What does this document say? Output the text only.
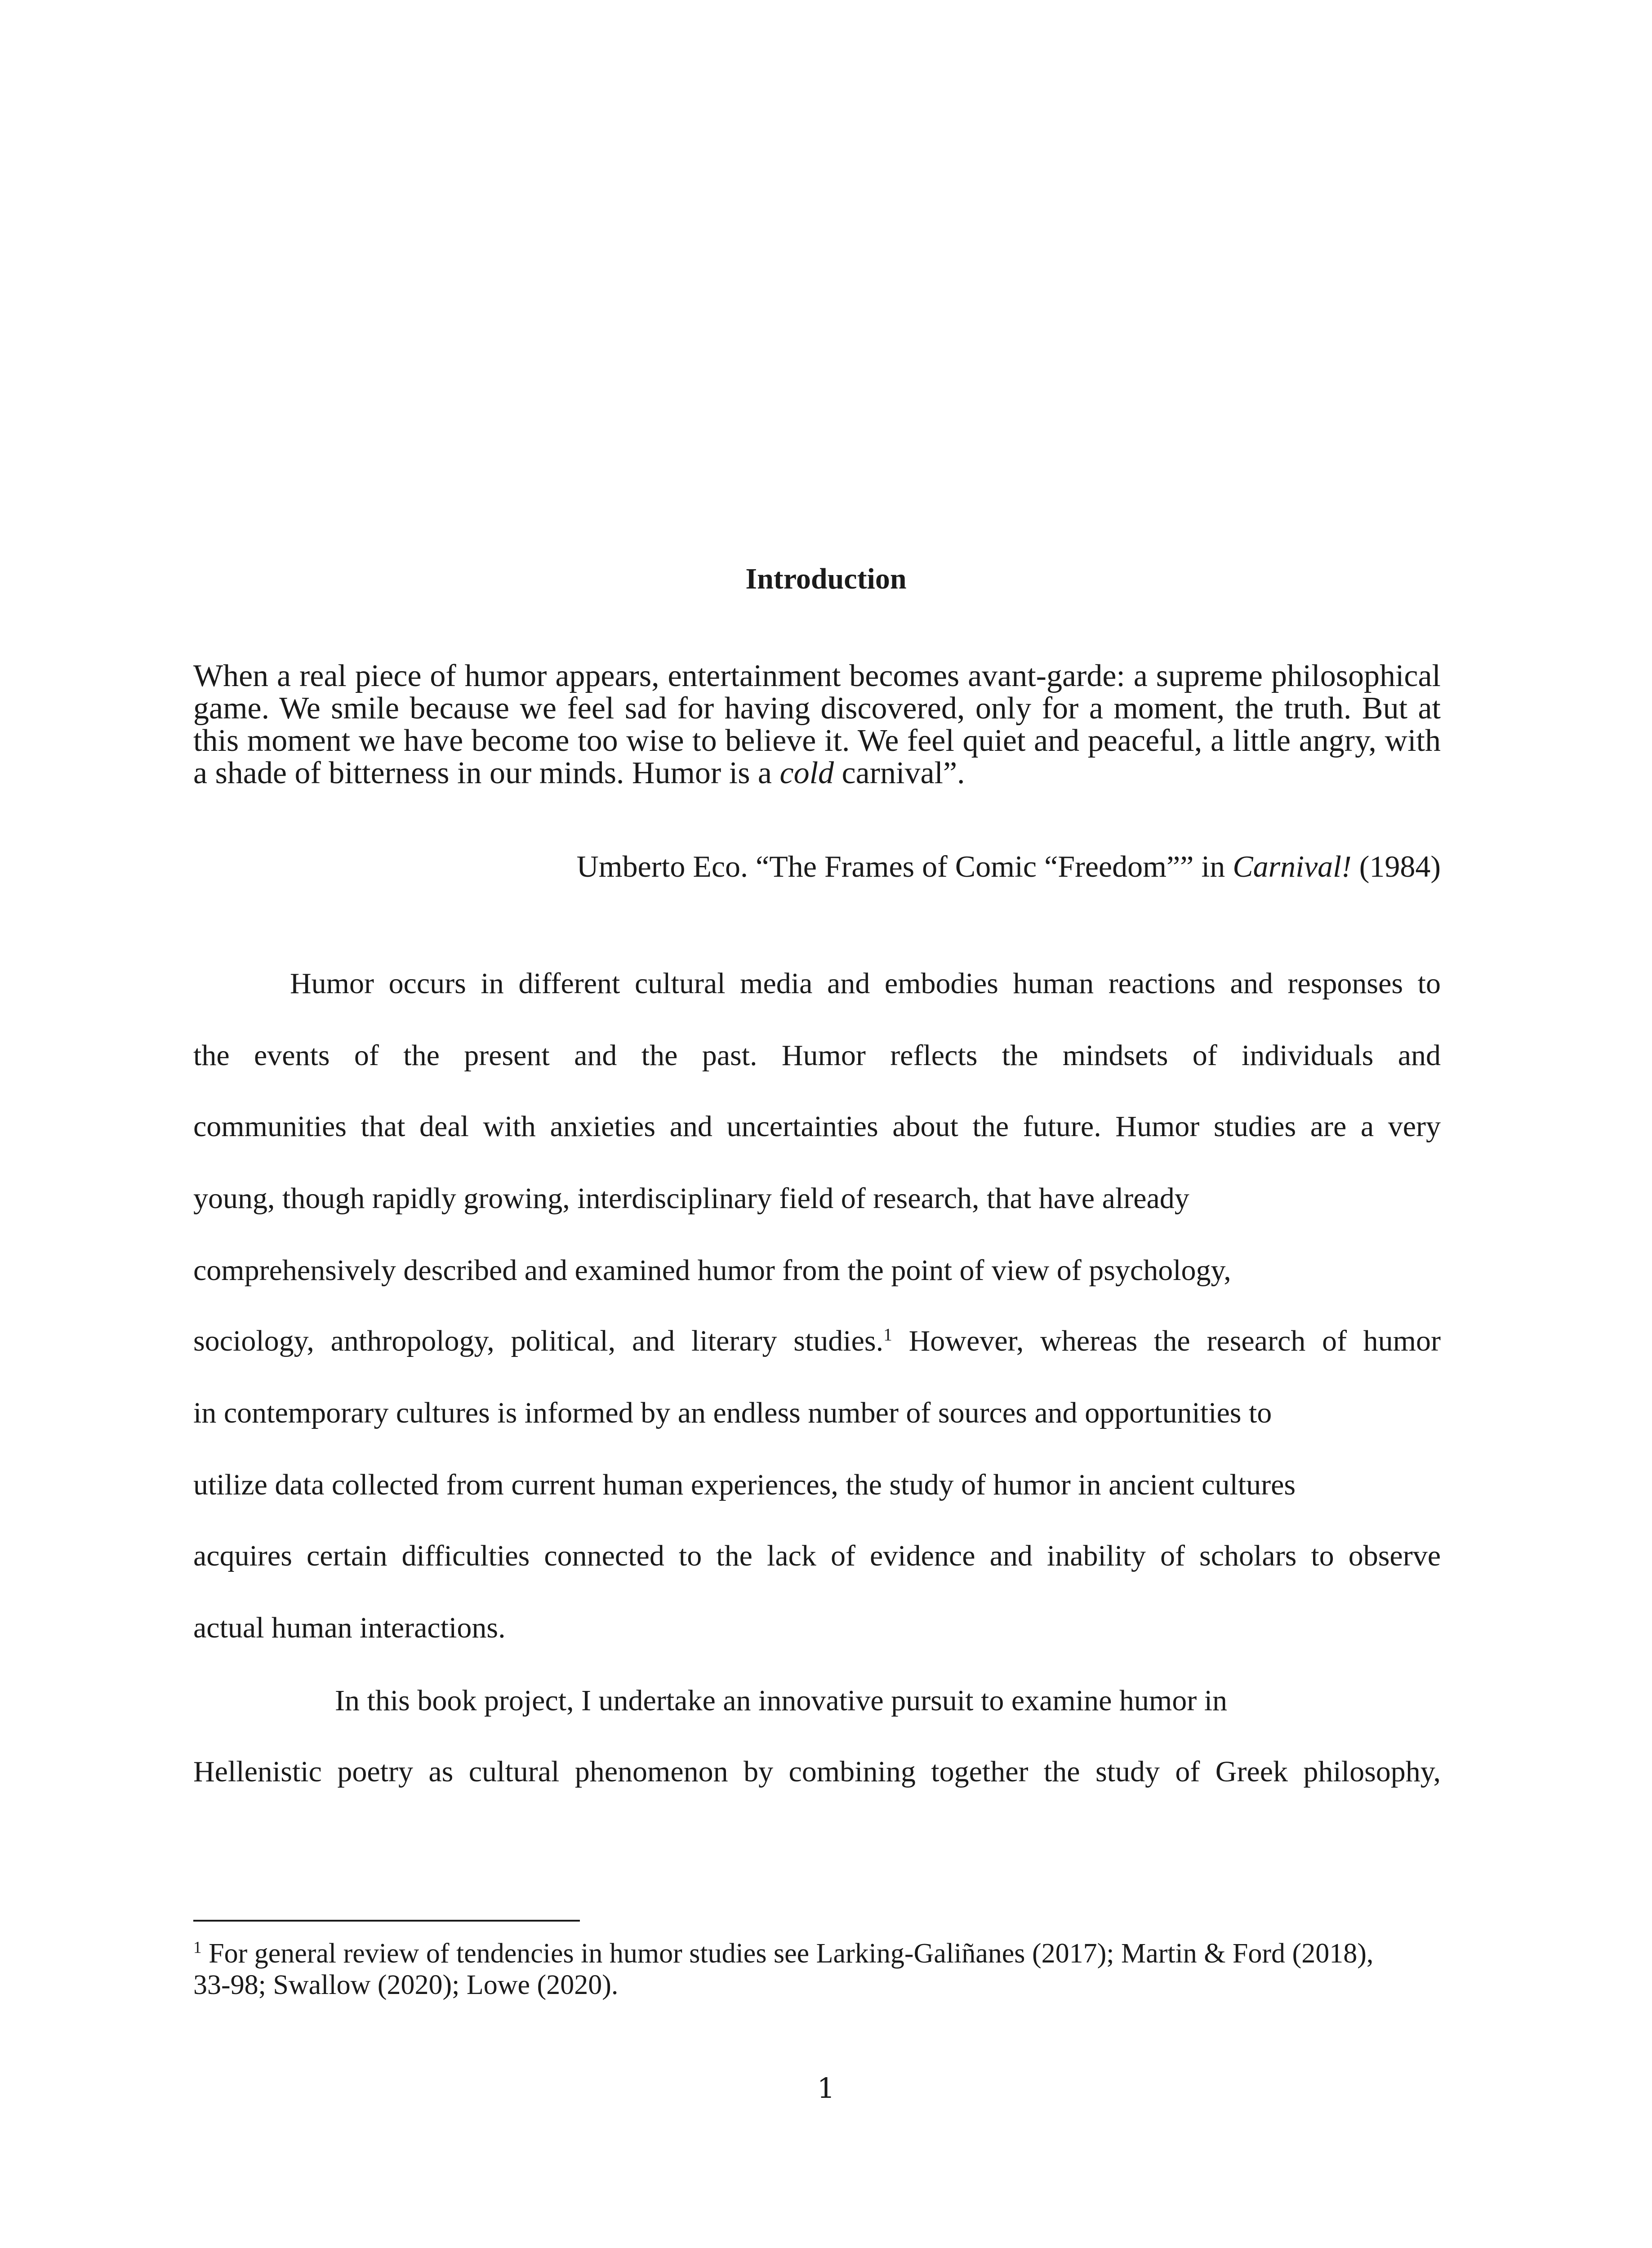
Introduction
When a real piece of humor appears, entertainment becomes avant-garde: a supreme philosophical
game. We smile because we feel sad for having discovered, only for a moment, the truth. But at
this moment we have become too wise to believe it. We feel quiet and peaceful, a little angry, with
a shade of bitterness in our minds. Humor is a cold carnival”.
Umberto Eco. “The Frames of Comic “Freedom”” in Carnival! (1984)
Humor occurs in different cultural media and embodies human reactions and responses to
the events of the present and the past. Humor reflects the mindsets of individuals and
communities that deal with anxieties and uncertainties about the future. Humor studies are a very
young, though rapidly growing, interdisciplinary field of research, that have already
comprehensively described and examined humor from the point of view of psychology,
sociology, anthropology, political, and literary studies.$^1$ However, whereas the research of humor
in contemporary cultures is informed by an endless number of sources and opportunities to
utilize data collected from current human experiences, the study of humor in ancient cultures
acquires certain difficulties connected to the lack of evidence and inability of scholars to observe
actual human interactions.
In this book project, I undertake an innovative pursuit to examine humor in
Hellenistic poetry as cultural phenomenon by combining together the study of Greek philosophy,
$^1$ For general review of tendencies in humor studies see Larking-Galiñanes (2017); Martin & Ford (2018),
33-98; Swallow (2020); Lowe (2020).
1
